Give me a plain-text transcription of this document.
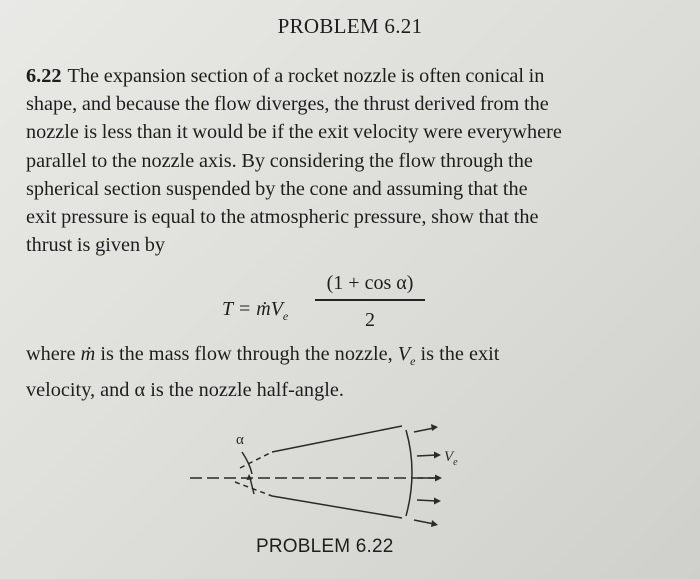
PROBLEM 6.21
6.22 The expansion section of a rocket nozzle is often conical in
shape, and because the flow diverges, the thrust derived from the
nozzle is less than it would be if the exit velocity were everywhere
parallel to the nozzle axis. By considering the flow through the
spherical section suspended by the cone and assuming that the
exit pressure is equal to the atmospheric pressure, show that the
thrust is given by
T = ṁV$_e$
(1 + cos α)
2
where ṁ is the mass flow through the nozzle, $V_e$ is the exit
velocity, and α is the nozzle half-angle.
α
$V_e$
PROBLEM 6.22
